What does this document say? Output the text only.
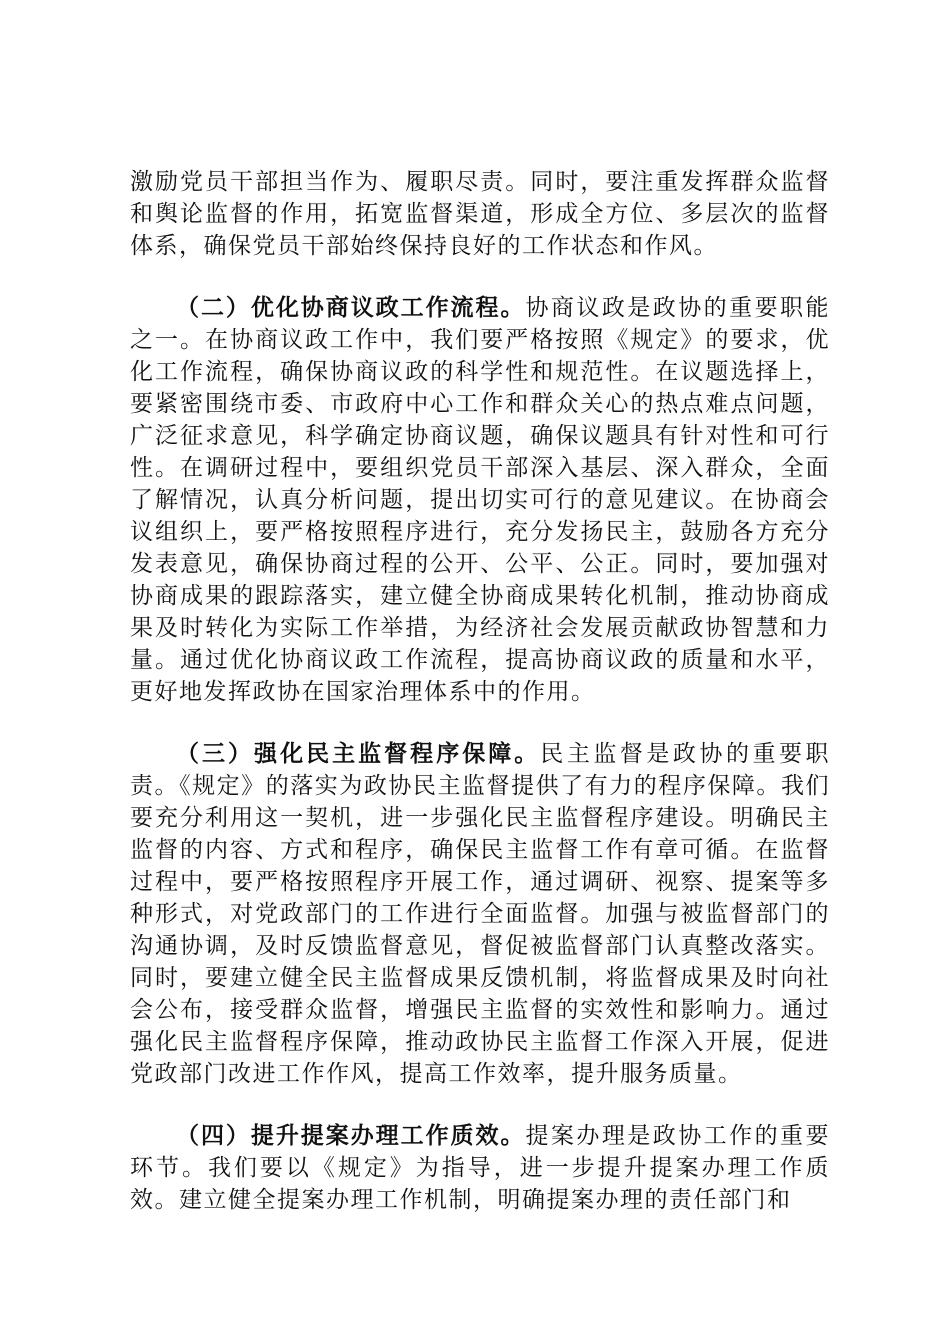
激励党员干部担当作为、履职尽责。同时，要注重发挥群众监督和舆论监督的作用，拓宽监督渠道，形成全方位、多层次的监督体系，确保党员干部始终保持良好的工作状态和作风。

（二）优化协商议政工作流程。协商议政是政协的重要职能之一。在协商议政工作中，我们要严格按照《规定》的要求，优化工作流程，确保协商议政的科学性和规范性。在议题选择上，要紧密围绕市委、市政府中心工作和群众关心的热点难点问题，广泛征求意见，科学确定协商议题，确保议题具有针对性和可行性。在调研过程中，要组织党员干部深入基层、深入群众，全面了解情况，认真分析问题，提出切实可行的意见建议。在协商会议组织上，要严格按照程序进行，充分发扬民主，鼓励各方充分发表意见，确保协商过程的公开、公平、公正。同时，要加强对协商成果的跟踪落实，建立健全协商成果转化机制，推动协商成果及时转化为实际工作举措，为经济社会发展贡献政协智慧和力量。通过优化协商议政工作流程，提高协商议政的质量和水平，更好地发挥政协在国家治理体系中的作用。

（三）强化民主监督程序保障。民主监督是政协的重要职责。《规定》的落实为政协民主监督提供了有力的程序保障。我们要充分利用这一契机，进一步强化民主监督程序建设。明确民主监督的内容、方式和程序，确保民主监督工作有章可循。在监督过程中，要严格按照程序开展工作，通过调研、视察、提案等多种形式，对党政部门的工作进行全面监督。加强与被监督部门的沟通协调，及时反馈监督意见，督促被监督部门认真整改落实。同时，要建立健全民主监督成果反馈机制，将监督成果及时向社会公布，接受群众监督，增强民主监督的实效性和影响力。通过强化民主监督程序保障，推动政协民主监督工作深入开展，促进党政部门改进工作作风，提高工作效率，提升服务质量。

（四）提升提案办理工作质效。提案办理是政协工作的重要环节。我们要以《规定》为指导，进一步提升提案办理工作质效。建立健全提案办理工作机制，明确提案办理的责任部门和
